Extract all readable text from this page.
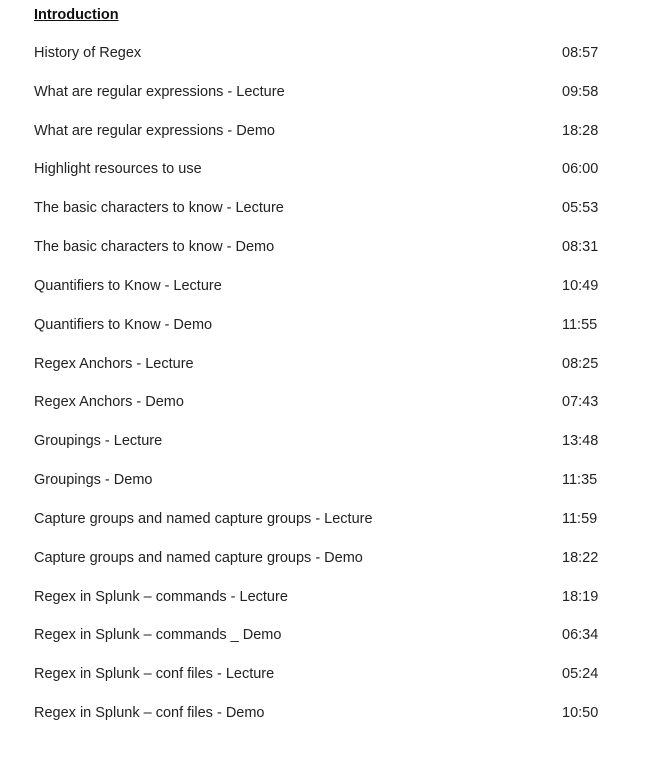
Introduction
History of Regex	08:57
What are regular expressions - Lecture	09:58
What are regular expressions - Demo	18:28
Highlight resources to use	06:00
The basic characters to know - Lecture	05:53
The basic characters to know - Demo	08:31
Quantifiers to Know - Lecture	10:49
Quantifiers to Know - Demo	11:55
Regex Anchors - Lecture	08:25
Regex Anchors - Demo	07:43
Groupings - Lecture	13:48
Groupings - Demo	11:35
Capture groups and named capture groups - Lecture	11:59
Capture groups and named capture groups - Demo	18:22
Regex in Splunk – commands - Lecture	18:19
Regex in Splunk – commands _ Demo	06:34
Regex in Splunk – conf files - Lecture	05:24
Regex in Splunk – conf files - Demo	10:50
